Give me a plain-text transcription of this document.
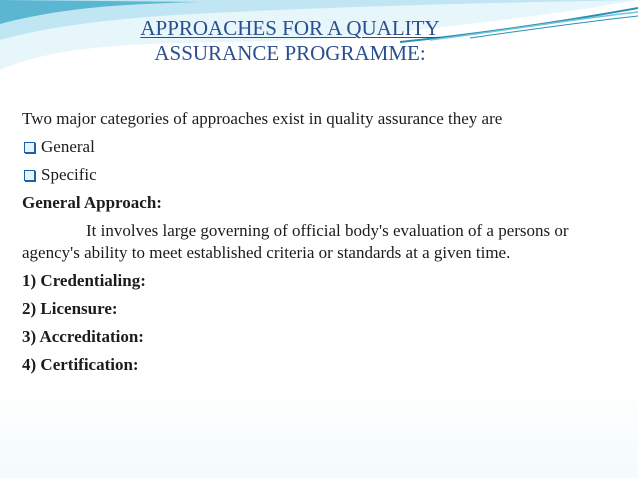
APPROACHES FOR A QUALITY
ASSURANCE PROGRAMME:

Two major categories of approaches exist in quality assurance they are

General
Specific

General Approach:

It involves large governing of official body's evaluation of a persons or agency's ability to meet established criteria or standards at a given time.

1) Credentialing:

2) Licensure:

3) Accreditation:

4) Certification:
